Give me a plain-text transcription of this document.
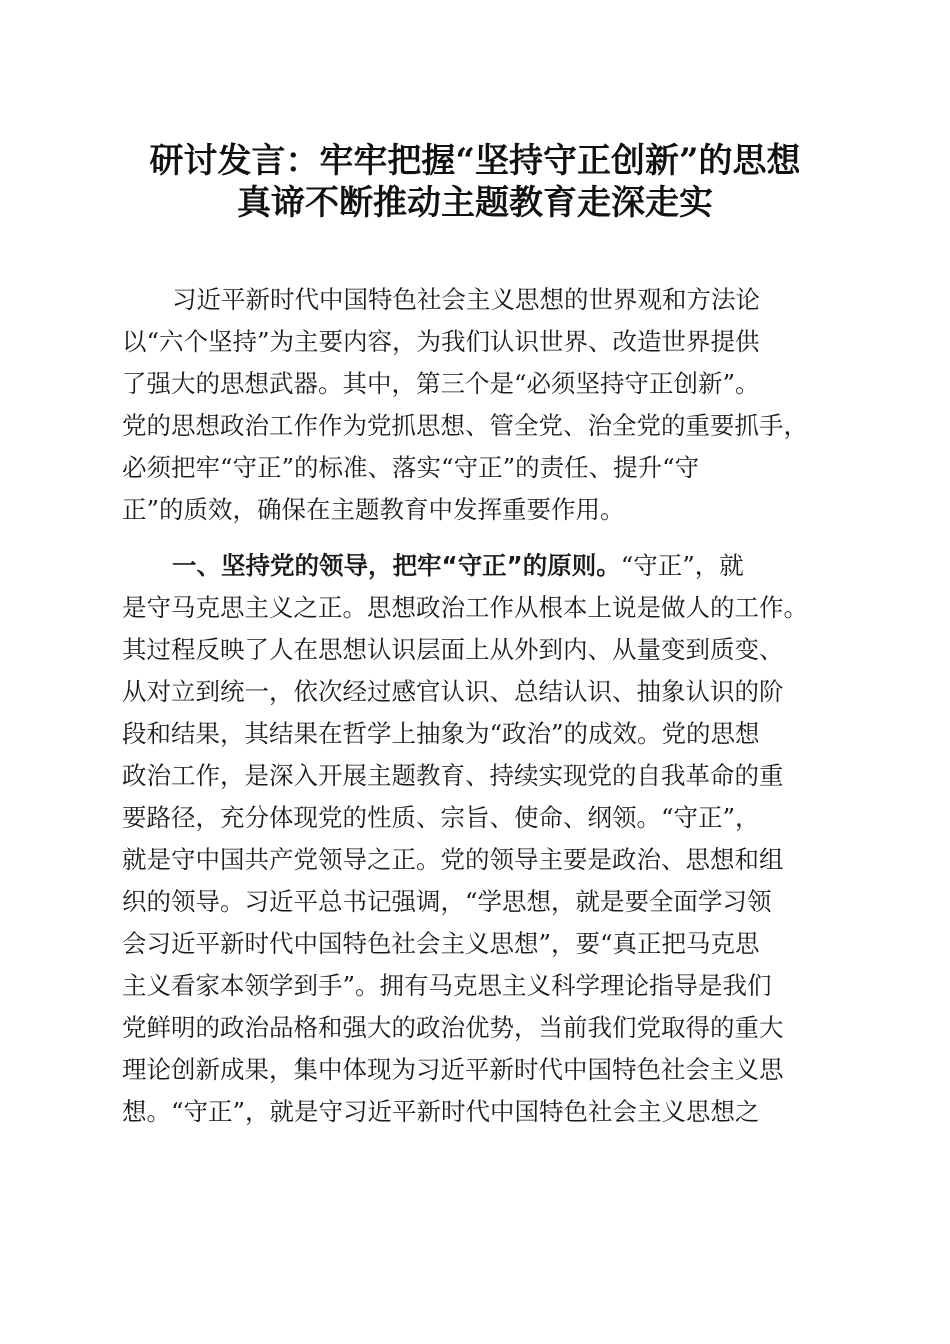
研讨发言：牢牢把握“坚持守正创新”的思想
真谛不断推动主题教育走深走实
习近平新时代中国特色社会主义思想的世界观和方法论
以“六个坚持”为主要内容，为我们认识世界、改造世界提供
了强大的思想武器。其中，第三个是“必须坚持守正创新”。
党的思想政治工作作为党抓思想、管全党、治全党的重要抓手，
必须把牢“守正”的标准、落实“守正”的责任、提升“守
正”的质效，确保在主题教育中发挥重要作用。
一、坚持党的领导，把牢“守正”的原则。“守正”，就
是守马克思主义之正。思想政治工作从根本上说是做人的工作。
其过程反映了人在思想认识层面上从外到内、从量变到质变、
从对立到统一，依次经过感官认识、总结认识、抽象认识的阶
段和结果，其结果在哲学上抽象为“政治”的成效。党的思想
政治工作，是深入开展主题教育、持续实现党的自我革命的重
要路径，充分体现党的性质、宗旨、使命、纲领。“守正”，
就是守中国共产党领导之正。党的领导主要是政治、思想和组
织的领导。习近平总书记强调，“学思想，就是要全面学习领
会习近平新时代中国特色社会主义思想”，要“真正把马克思
主义看家本领学到手”。拥有马克思主义科学理论指导是我们
党鲜明的政治品格和强大的政治优势，当前我们党取得的重大
理论创新成果，集中体现为习近平新时代中国特色社会主义思
想。“守正”，就是守习近平新时代中国特色社会主义思想之
